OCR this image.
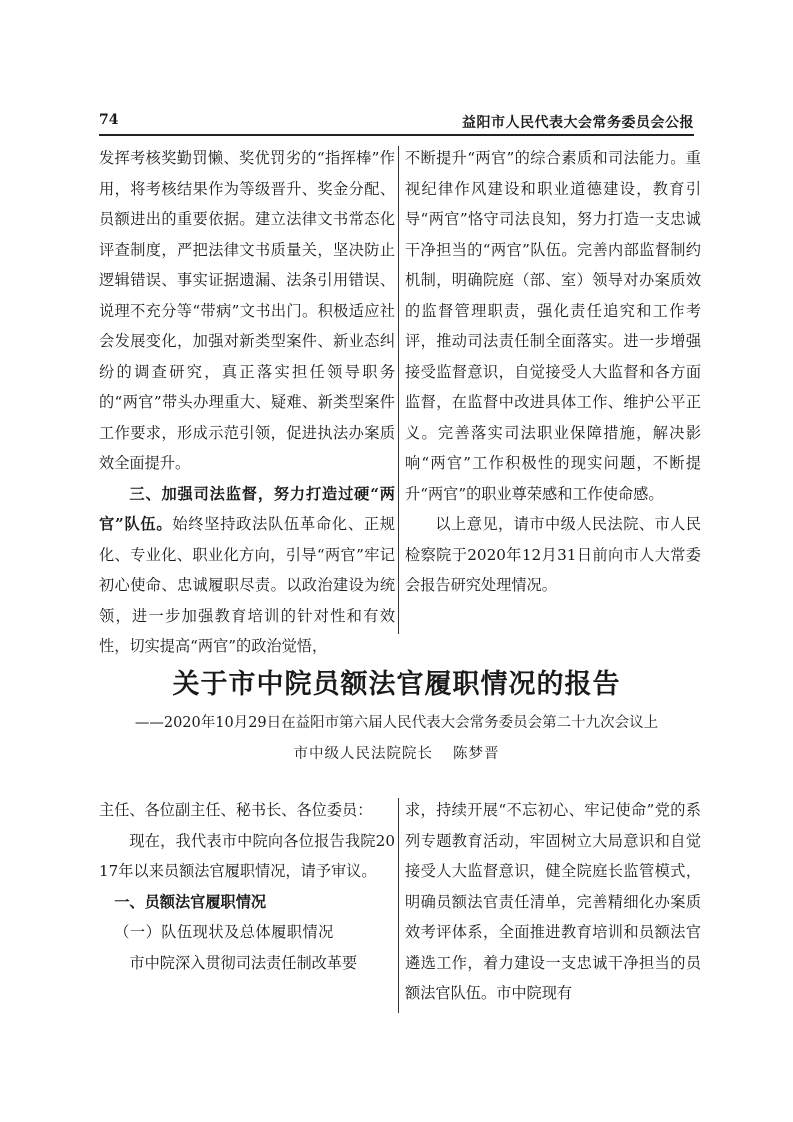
74	益阳市人民代表大会常务委员会公报

发挥考核奖勤罚懒、奖优罚劣的“指挥棒”作用，将考核结果作为等级晋升、奖金分配、员额进出的重要依据。建立法律文书常态化评查制度，严把法律文书质量关，坚决防止逻辑错误、事实证据遗漏、法条引用错误、说理不充分等“带病”文书出门。积极适应社会发展变化，加强对新类型案件、新业态纠纷的调查研究，真正落实担任领导职务的“两官”带头办理重大、疑难、新类型案件工作要求，形成示范引领，促进执法办案质效全面提升。

三、加强司法监督，努力打造过硬“两官”队伍。始终坚持政法队伍革命化、正规化、专业化、职业化方向，引导“两官”牢记初心使命、忠诚履职尽责。以政治建设为统领，进一步加强教育培训的针对性和有效性，切实提高“两官”的政治觉悟，

不断提升“两官”的综合素质和司法能力。重视纪律作风建设和职业道德建设，教育引导“两官”恪守司法良知，努力打造一支忠诚干净担当的“两官”队伍。完善内部监督制约机制，明确院庭（部、室）领导对办案质效的监督管理职责，强化责任追究和工作考评，推动司法责任制全面落实。进一步增强接受监督意识，自觉接受人大监督和各方面监督，在监督中改进具体工作、维护公平正义。完善落实司法职业保障措施，解决影响“两官”工作积极性的现实问题，不断提升“两官”的职业尊荣感和工作使命感。

以上意见，请市中级人民法院、市人民检察院于2020年12月31日前向市人大常委会报告研究处理情况。

关于市中院员额法官履职情况的报告
——2020年10月29日在益阳市第六届人民代表大会常务委员会第二十九次会议上
市中级人民法院院长 陈梦晋

主任、各位副主任、秘书长、各位委员：

现在，我代表市中院向各位报告我院2017年以来员额法官履职情况，请予审议。

一、员额法官履职情况

（一）队伍现状及总体履职情况

市中院深入贯彻司法责任制改革要

求，持续开展“不忘初心、牢记使命”党的系列专题教育活动，牢固树立大局意识和自觉接受人大监督意识，健全院庭长监管模式，明确员额法官责任清单，完善精细化办案质效考评体系，全面推进教育培训和员额法官遴选工作，着力建设一支忠诚干净担当的员额法官队伍。市中院现有
